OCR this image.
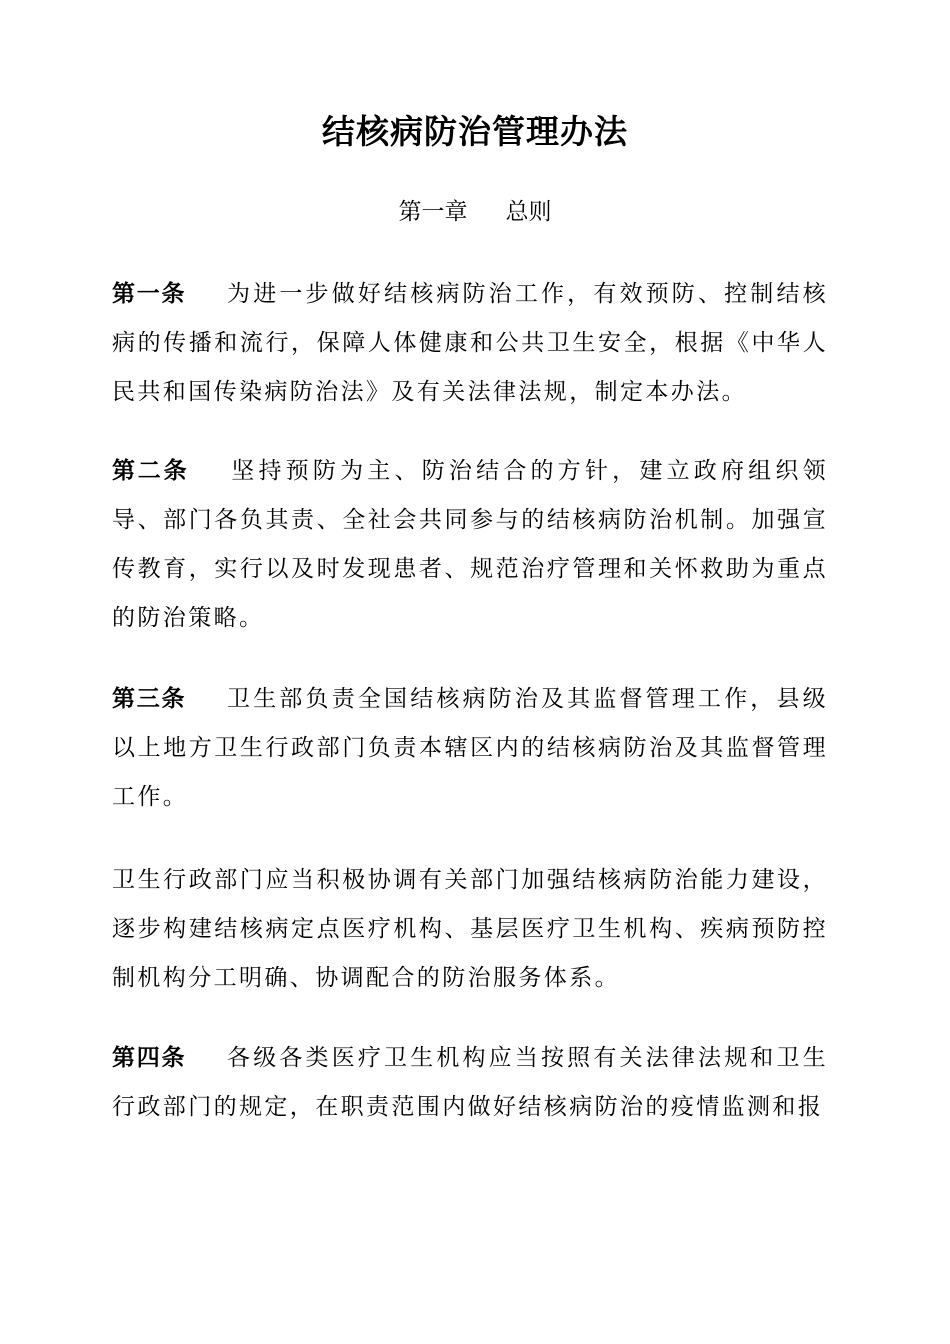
结核病防治管理办法
第一章 总则

第一条 为进一步做好结核病防治工作，有效预防、控制结核病的传播和流行，保障人体健康和公共卫生安全，根据《中华人民共和国传染病防治法》及有关法律法规，制定本办法。

第二条 坚持预防为主、防治结合的方针，建立政府组织领导、部门各负其责、全社会共同参与的结核病防治机制。加强宣传教育，实行以及时发现患者、规范治疗管理和关怀救助为重点的防治策略。

第三条 卫生部负责全国结核病防治及其监督管理工作，县级以上地方卫生行政部门负责本辖区内的结核病防治及其监督管理工作。

卫生行政部门应当积极协调有关部门加强结核病防治能力建设，逐步构建结核病定点医疗机构、基层医疗卫生机构、疾病预防控制机构分工明确、协调配合的防治服务体系。

第四条 各级各类医疗卫生机构应当按照有关法律法规和卫生行政部门的规定，在职责范围内做好结核病防治的疫情监测和报
